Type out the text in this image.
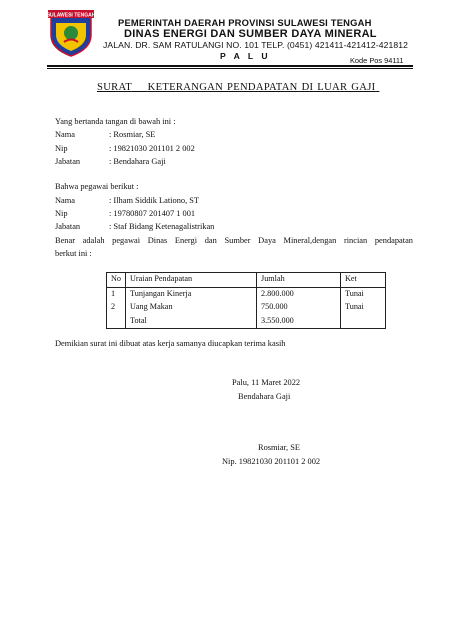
SULAWESI TENGAH
PEMERINTAH DAERAH PROVINSI SULAWESI TENGAH
DINAS ENERGI DAN SUMBER DAYA MINERAL
JALAN. DR. SAM RATULANGI NO. 101 TELP. (0451) 421411-421412-421812
P A L U	Kode Pos 94111
SURAT KETERANGAN PENDAPATAN DI LUAR GAJI
Yang bertanda tangan di bawah ini :
Nama	: Rosmiar, SE
Nip	: 19821030 201101 2 002
Jabatan	: Bendahara Gaji
Bahwa pegawai berikut :
Nama	: Ilham Siddik Lationo, ST
Nip	: 19780807 201407 1 001
Jabatan	: Staf Bidang Ketenagalistrikan
Benar adalah pegawai Dinas Energi dan Sumber Daya Mineral,dengan rincian pendapatan
berkut ini :
No	Uraian Pendapatan	Jumlah	Ket
1	Tunjangan Kinerja	2.800.000	Tunai
2	Uang Makan	750.000	Tunai
	Total	3.550.000	
Demikian surat ini dibuat atas kerja samanya diucapkan terima kasih
Palu, 11 Maret 2022
Bendahara Gaji
Rosmiar, SE
Nip. 19821030 201101 2 002
